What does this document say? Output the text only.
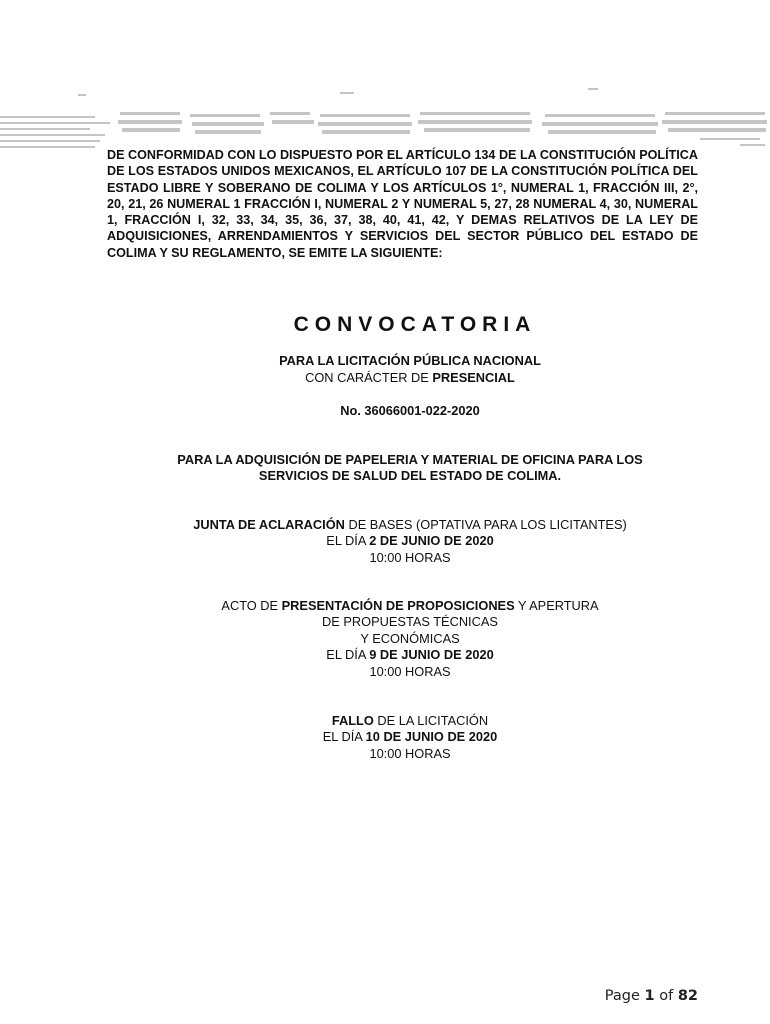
DE CONFORMIDAD CON LO DISPUESTO POR EL ARTÍCULO 134 DE LA CONSTITUCIÓN POLÍTICA DE LOS ESTADOS UNIDOS MEXICANOS, EL ARTÍCULO 107 DE LA CONSTITUCIÓN POLÍTICA DEL ESTADO LIBRE Y SOBERANO DE COLIMA Y LOS ARTÍCULOS 1°, NUMERAL 1, FRACCIÓN III, 2°, 20, 21, 26 NUMERAL 1 FRACCIÓN I, NUMERAL 2 Y NUMERAL 5, 27, 28 NUMERAL 4, 30, NUMERAL 1, FRACCIÓN I, 32, 33, 34, 35, 36, 37, 38, 40, 41, 42, Y DEMAS RELATIVOS DE LA LEY DE ADQUISICIONES, ARRENDAMIENTOS Y SERVICIOS DEL SECTOR PÚBLICO DEL ESTADO DE COLIMA Y SU REGLAMENTO, SE EMITE LA SIGUIENTE:

CONVOCATORIA
PARA LA LICITACIÓN PÚBLICA NACIONAL
CON CARÁCTER DE PRESENCIAL
No. 36066001-022-2020
PARA LA ADQUISICIÓN DE PAPELERIA Y MATERIAL DE OFICINA PARA LOS
SERVICIOS DE SALUD DEL ESTADO DE COLIMA.
JUNTA DE ACLARACIÓN DE BASES (OPTATIVA PARA LOS LICITANTES)
EL DÍA 2 DE JUNIO DE 2020
10:00 HORAS
ACTO DE PRESENTACIÓN DE PROPOSICIONES Y APERTURA
DE PROPUESTAS TÉCNICAS
Y ECONÓMICAS
EL DÍA 9 DE JUNIO DE 2020
10:00 HORAS
FALLO DE LA LICITACIÓN
EL DÍA 10 DE JUNIO DE 2020
10:00 HORAS
Page 1 of 82
